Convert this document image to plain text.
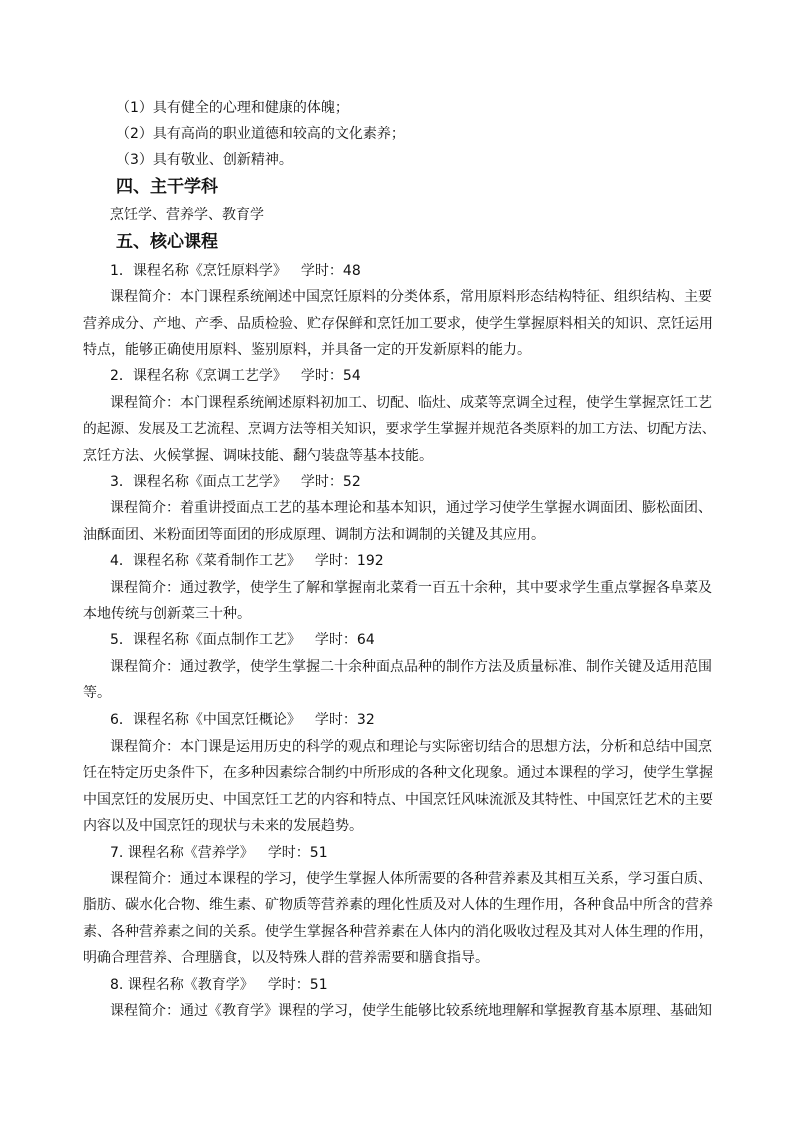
（1）具有健全的心理和健康的体魄；
（2）具有高尚的职业道德和较高的文化素养；
（3）具有敬业、创新精神。
四、主干学科
烹饪学、营养学、教育学
五、核心课程
1．课程名称《烹饪原料学》 学时：48
课程简介：本门课程系统阐述中国烹饪原料的分类体系，常用原料形态结构特征、组织结构、主要
营养成分、产地、产季、品质检验、贮存保鲜和烹饪加工要求，使学生掌握原料相关的知识、烹饪运用
特点，能够正确使用原料、鉴别原料，并具备一定的开发新原料的能力。
2．课程名称《烹调工艺学》 学时：54
课程简介：本门课程系统阐述原料初加工、切配、临灶、成菜等烹调全过程，使学生掌握烹饪工艺
的起源、发展及工艺流程、烹调方法等相关知识，要求学生掌握并规范各类原料的加工方法、切配方法、
烹饪方法、火候掌握、调味技能、翻勺装盘等基本技能。
3．课程名称《面点工艺学》 学时：52
课程简介：着重讲授面点工艺的基本理论和基本知识，通过学习使学生掌握水调面团、膨松面团、
油酥面团、米粉面团等面团的形成原理、调制方法和调制的关键及其应用。
4．课程名称《菜肴制作工艺》 学时：192
课程简介：通过教学，使学生了解和掌握南北菜肴一百五十余种，其中要求学生重点掌握各阜菜及
本地传统与创新菜三十种。
5．课程名称《面点制作工艺》 学时：64
课程简介：通过教学，使学生掌握二十余种面点品种的制作方法及质量标准、制作关键及适用范围
等。
6．课程名称《中国烹饪概论》 学时：32
课程简介：本门课是运用历史的科学的观点和理论与实际密切结合的思想方法，分析和总结中国烹
饪在特定历史条件下，在多种因素综合制约中所形成的各种文化现象。通过本课程的学习，使学生掌握
中国烹饪的发展历史、中国烹饪工艺的内容和特点、中国烹饪风味流派及其特性、中国烹饪艺术的主要
内容以及中国烹饪的现状与未来的发展趋势。
7. 课程名称《营养学》 学时：51
课程简介：通过本课程的学习，使学生掌握人体所需要的各种营养素及其相互关系，学习蛋白质、
脂肪、碳水化合物、维生素、矿物质等营养素的理化性质及对人体的生理作用，各种食品中所含的营养
素、各种营养素之间的关系。使学生掌握各种营养素在人体内的消化吸收过程及其对人体生理的作用，
明确合理营养、合理膳食，以及特殊人群的营养需要和膳食指导。
8. 课程名称《教育学》 学时：51
课程简介：通过《教育学》课程的学习，使学生能够比较系统地理解和掌握教育基本原理、基础知
